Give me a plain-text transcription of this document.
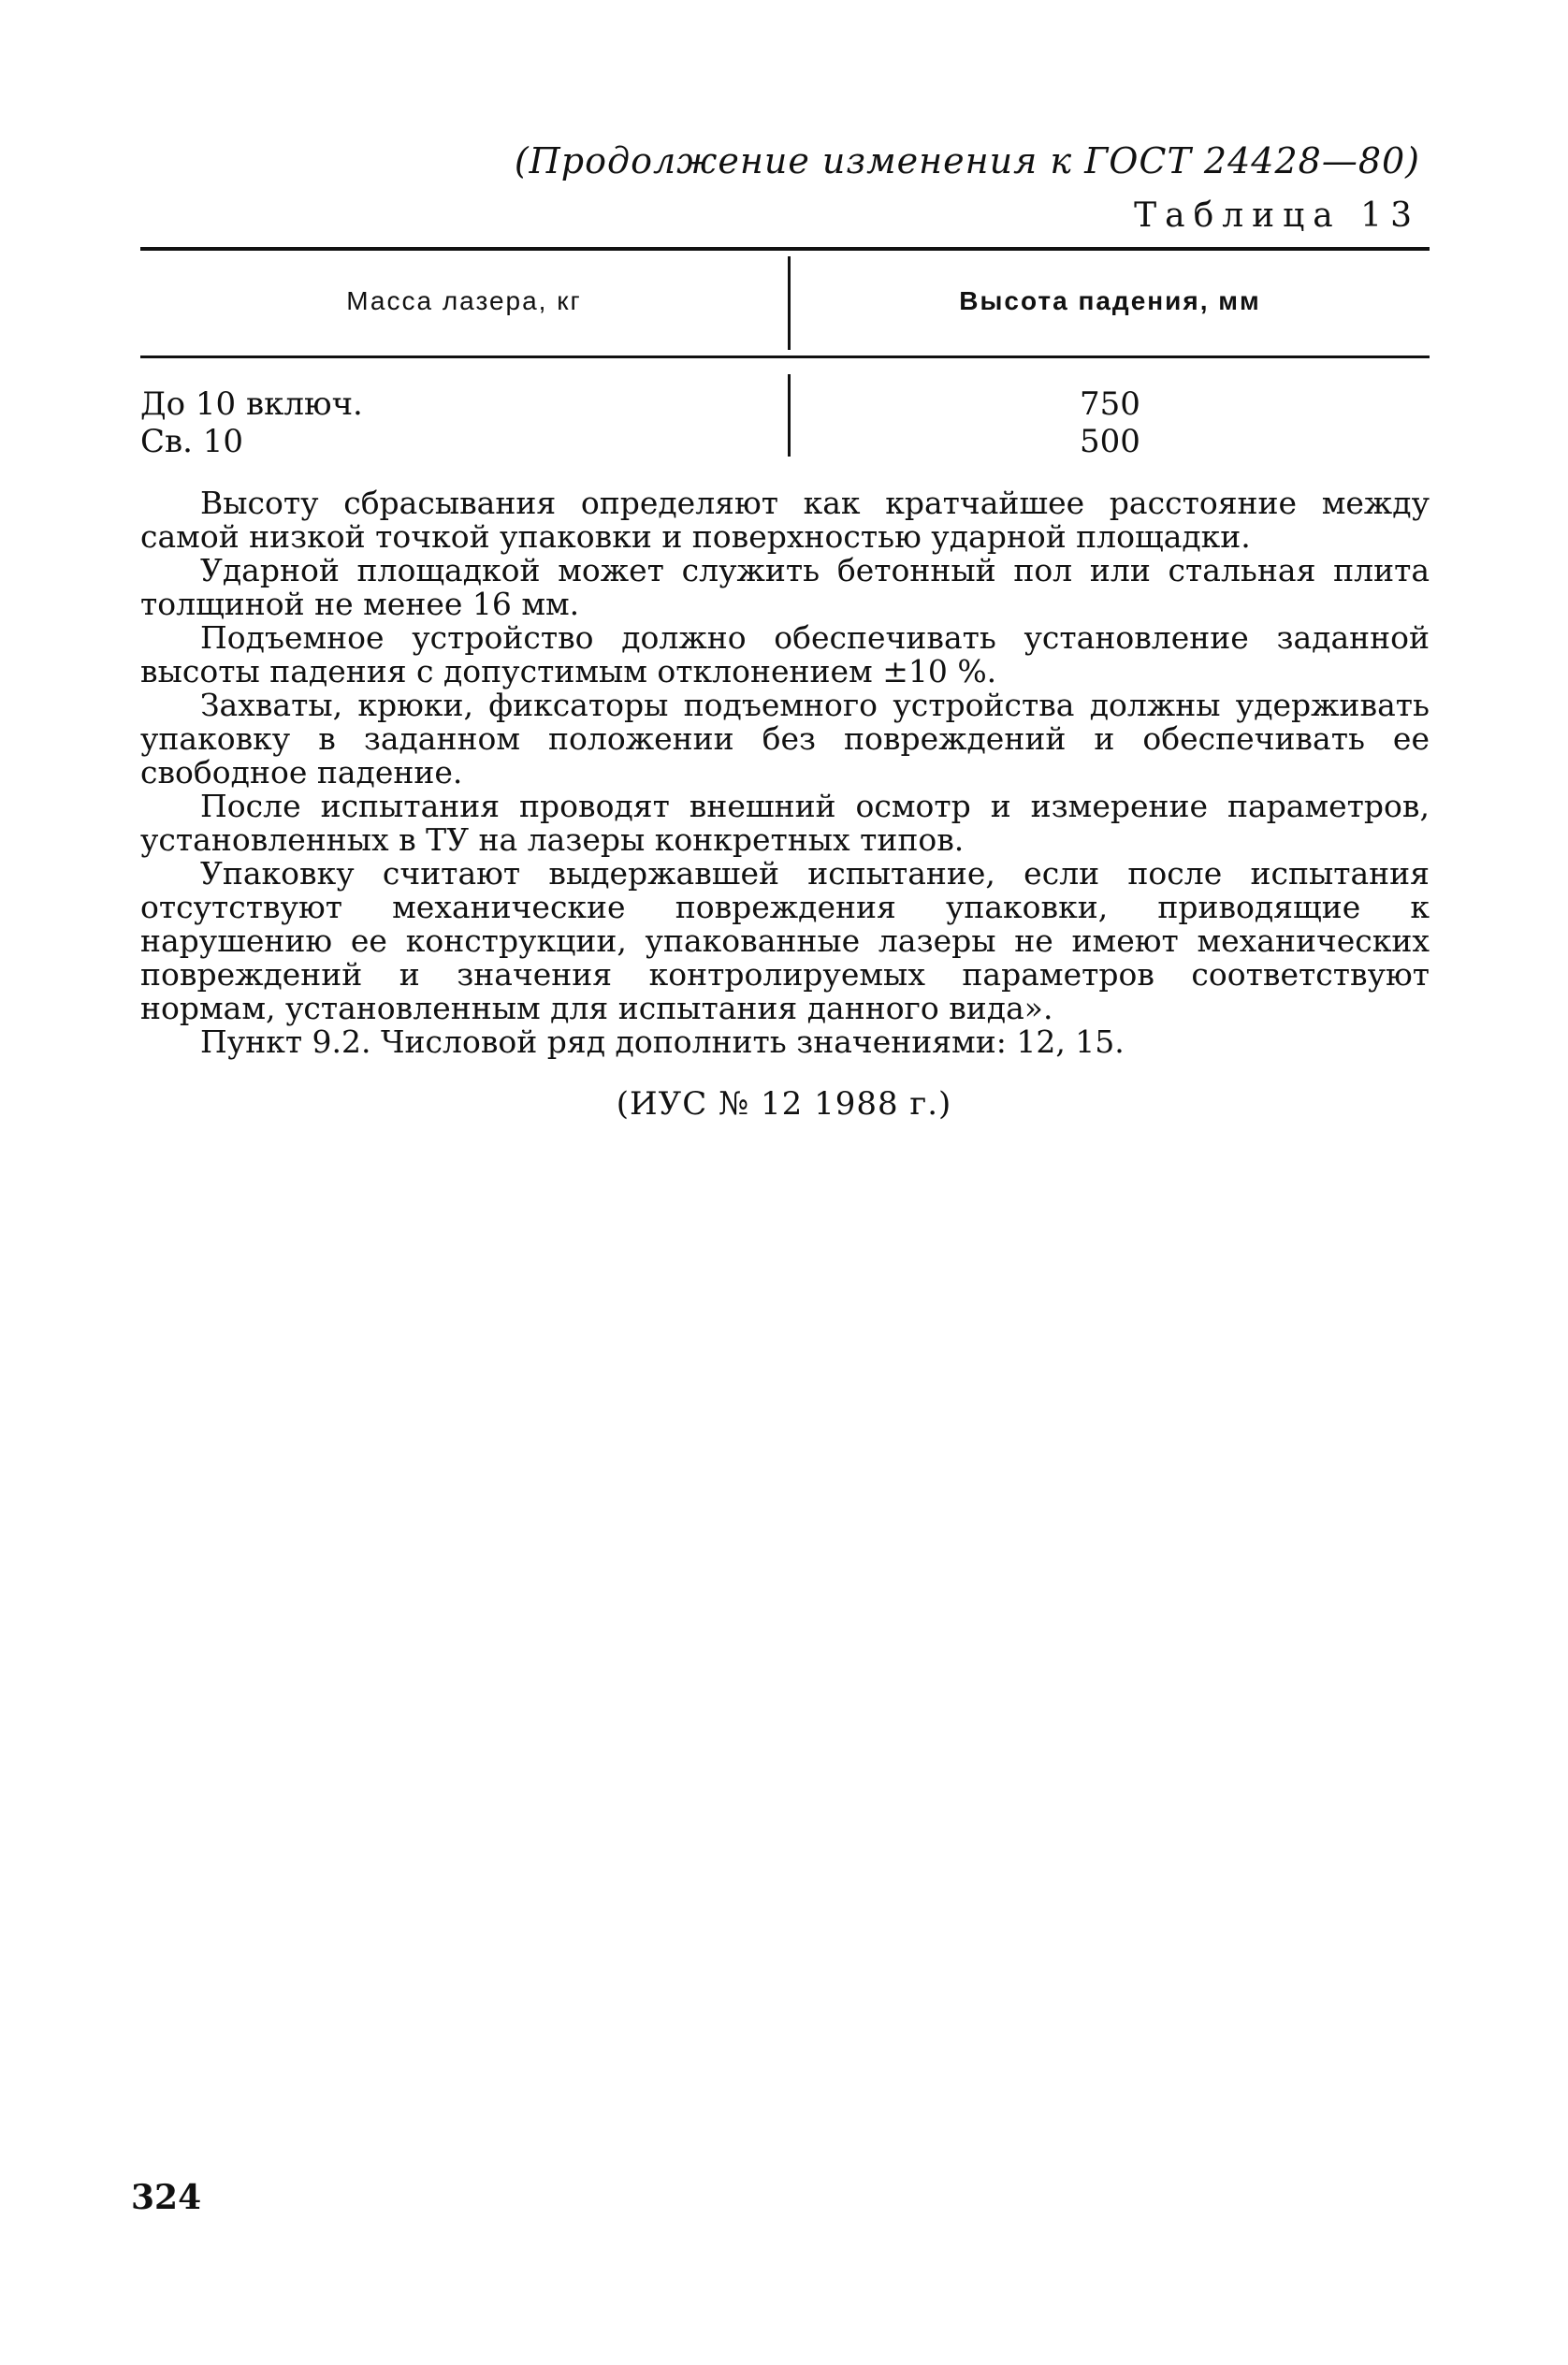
(Продолжение изменения к ГОСТ 24428—80)
Таблица 13
Масса лазера, кг	Высота падения, мм
До 10 включ.	750
Св. 10	500

Высоту сбрасывания определяют как кратчайшее расстояние между самой низкой точкой упаковки и поверхностью ударной площадки.

Ударной площадкой может служить бетонный пол или стальная плита толщиной не менее 16 мм.

Подъемное устройство должно обеспечивать установление заданной высоты падения с допустимым отклонением ±10 %.

Захваты, крюки, фиксаторы подъемного устройства должны удерживать упаковку в заданном положении без повреждений и обеспечивать ее свободное падение.

После испытания проводят внешний осмотр и измерение параметров, установленных в ТУ на лазеры конкретных типов.

Упаковку считают выдержавшей испытание, если после испытания отсутствуют механические повреждения упаковки, приводящие к нарушению ее конструкции, упакованные лазеры не имеют механических повреждений и значения контролируемых параметров соответствуют нормам, установленным для испытания данного вида».

Пункт 9.2. Числовой ряд дополнить значениями: 12, 15.

(ИУС № 12 1988 г.)
324
